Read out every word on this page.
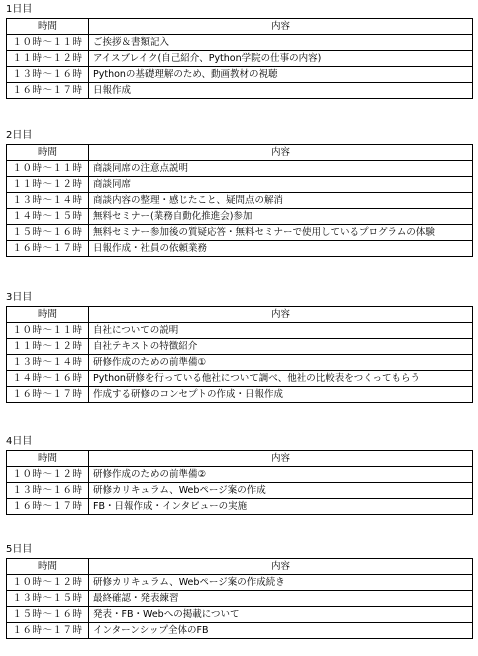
1日目
時間	内容
１０時～１１時	ご挨拶＆書類記入
１１時～１２時	アイスブレイク(自己紹介、Python学院の仕事の内容)
１３時～１６時	Pythonの基礎理解のため、動画教材の視聴
１６時～１７時	日報作成
2日目
時間	内容
１０時～１１時	商談同席の注意点説明
１１時～１２時	商談同席
１３時～１４時	商談内容の整理・感じたこと、疑問点の解消
１４時～１５時	無料セミナー(業務自動化推進会)参加
１５時～１６時	無料セミナー参加後の質疑応答・無料セミナーで使用しているプログラムの体験
１６時～１７時	日報作成・社員の依頼業務
3日目
時間	内容
１０時～１１時	自社についての説明
１１時～１２時	自社テキストの特徴紹介
１３時～１４時	研修作成のための前準備①
１４時～１６時	Python研修を行っている他社について調べ、他社の比較表をつくってもらう
１６時～１７時	作成する研修のコンセプトの作成・日報作成
4日目
時間	内容
１０時～１２時	研修作成のための前準備②
１３時～１６時	研修カリキュラム、Webページ案の作成
１６時～１７時	FB・日報作成・インタビューの実施
5日目
時間	内容
１０時～１２時	研修カリキュラム、Webページ案の作成続き
１３時～１５時	最終確認・発表練習
１５時～１６時	発表・FB・Webへの掲載について
１６時～１７時	インターンシップ全体のFB
